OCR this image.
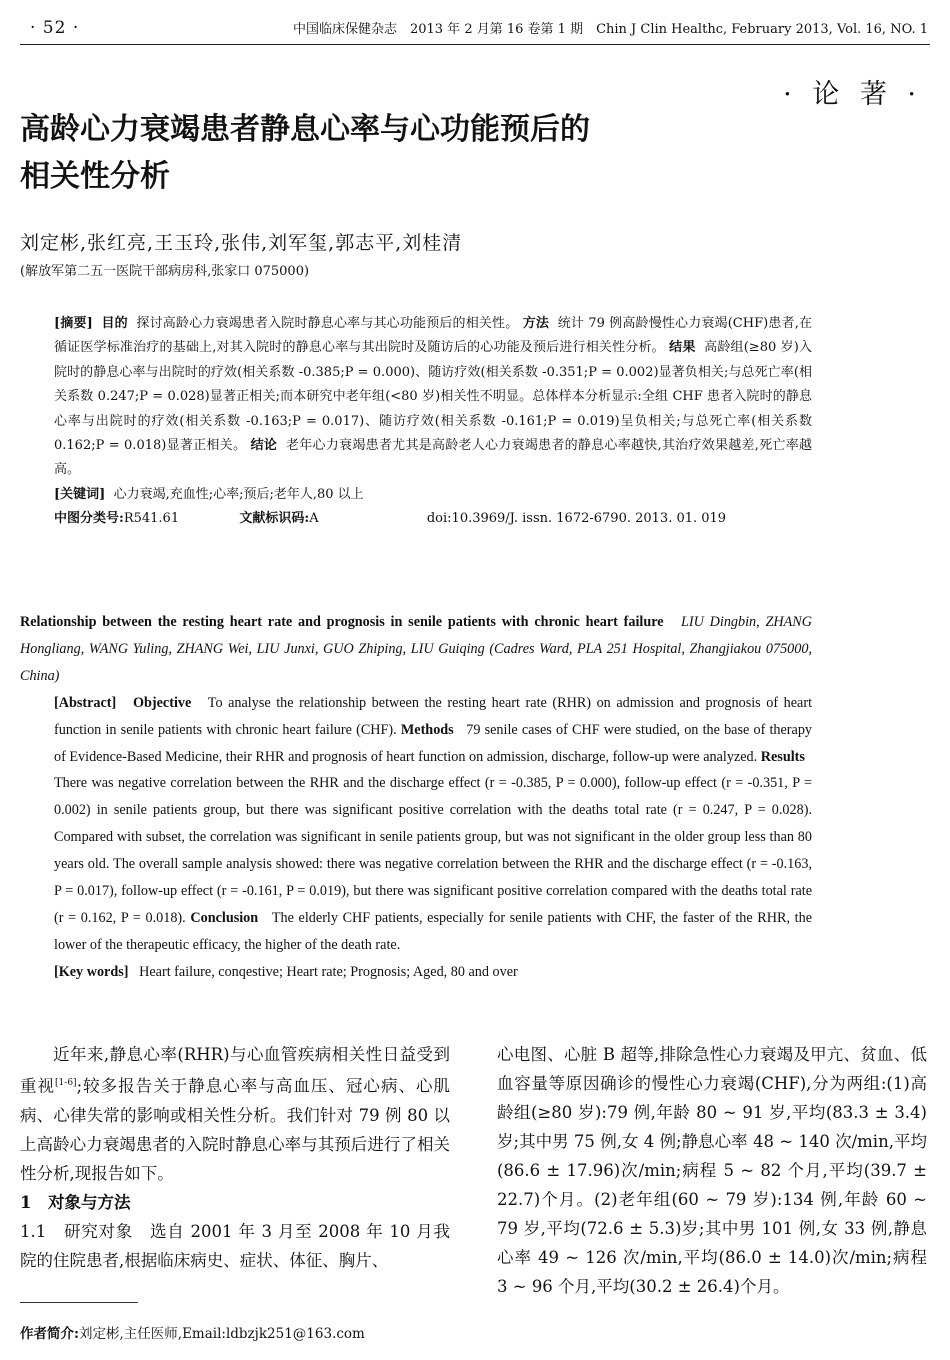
· 52 ·	中国临床保健杂志　2013 年 2 月第 16 卷第 1 期　Chin J Clin Healthc, February 2013, Vol. 16, NO. 1
· 论 著 ·
高龄心力衰竭患者静息心率与心功能预后的
相关性分析
刘定彬,张红亮,王玉玲,张伟,刘军玺,郭志平,刘桂清
(解放军第二五一医院干部病房科,张家口 075000)

[摘要] 目的 探讨高龄心力衰竭患者入院时静息心率与其心功能预后的相关性。 方法 统计 79 例高龄慢性心力衰竭(CHF)患者,在循证医学标准治疗的基础上,对其入院时的静息心率与其出院时及随访后的心功能及预后进行相关性分析。 结果 高龄组(≥80 岁)入院时的静息心率与出院时的疗效(相关系数 -0.385;P = 0.000)、随访疗效(相关系数 -0.351;P = 0.002)显著负相关;与总死亡率(相关系数 0.247;P = 0.028)显著正相关;而本研究中老年组(<80 岁)相关性不明显。总体样本分析显示:全组 CHF 患者入院时的静息心率与出院时的疗效(相关系数 -0.163;P = 0.017)、随访疗效(相关系数 -0.161;P = 0.019)呈负相关;与总死亡率(相关系数 0.162;P = 0.018)显著正相关。 结论 老年心力衰竭患者尤其是高龄老人心力衰竭患者的静息心率越快,其治疗效果越差,死亡率越高。

[关键词] 心力衰竭,充血性;心率;预后;老年人,80 以上

中图分类号:R541.61	文献标识码:A	doi:10.3969/J. issn. 1672-6790. 2013. 01. 019

Relationship between the resting heart rate and prognosis in senile patients with chronic heart failure LIU Dingbin, ZHANG Hongliang, WANG Yuling, ZHANG Wei, LIU Junxi, GUO Zhiping, LIU Guiqing (Cadres Ward, PLA 251 Hospital, Zhangjiakou 075000, China)

[Abstract] Objective To analyse the relationship between the resting heart rate (RHR) on admission and prognosis of heart function in senile patients with chronic heart failure (CHF). Methods 79 senile cases of CHF were studied, on the base of therapy of Evidence-Based Medicine, their RHR and prognosis of heart function on admission, discharge, follow-up were analyzed. Results   There was negative correlation between the RHR and the discharge effect (r = -0.385, P = 0.000), follow-up effect (r = -0.351, P = 0.002) in senile patients group, but there was significant positive correlation with the deaths total rate (r = 0.247, P = 0.028). Compared with subset, the correlation was significant in senile patients group, but was not significant in the older group less than 80 years old. The overall sample analysis showed: there was negative correlation between the RHR and the discharge effect (r = -0.163, P = 0.017), follow-up effect (r = -0.161, P = 0.019), but there was significant positive correlation compared with the deaths total rate (r = 0.162, P = 0.018). Conclusion The elderly CHF patients, especially for senile patients with CHF, the faster of the RHR, the lower of the therapeutic efficacy, the higher of the death rate.

[Key words] Heart failure, conqestive; Heart rate; Prognosis; Aged, 80 and over

近年来,静息心率(RHR)与心血管疾病相关性日益受到重视[1-6];较多报告关于静息心率与高血压、冠心病、心肌病、心律失常的影响或相关性分析。我们针对 79 例 80 以上高龄心力衰竭患者的入院时静息心率与其预后进行了相关性分析,现报告如下。

1　对象与方法

1.1　研究对象　选自 2001 年 3 月至 2008 年 10 月我院的住院患者,根据临床病史、症状、体征、胸片、

心电图、心脏 B 超等,排除急性心力衰竭及甲亢、贫血、低血容量等原因确诊的慢性心力衰竭(CHF),分为两组:(1)高龄组(≥80 岁):79 例,年龄 80 ~ 91 岁,平均(83.3 ± 3.4)岁;其中男 75 例,女 4 例;静息心率 48 ~ 140 次/min,平均(86.6 ± 17.96)次/min;病程 5 ~ 82 个月,平均(39.7 ± 22.7)个月。(2)老年组(60 ~ 79 岁):134 例,年龄 60 ~ 79 岁,平均(72.6 ± 5.3)岁;其中男 101 例,女 33 例,静息心率 49 ~ 126 次/min,平均(86.0 ± 14.0)次/min;病程 3 ~ 96 个月,平均(30.2 ± 26.4)个月。

作者简介:刘定彬,主任医师,Email:ldbzjk251@163.com
